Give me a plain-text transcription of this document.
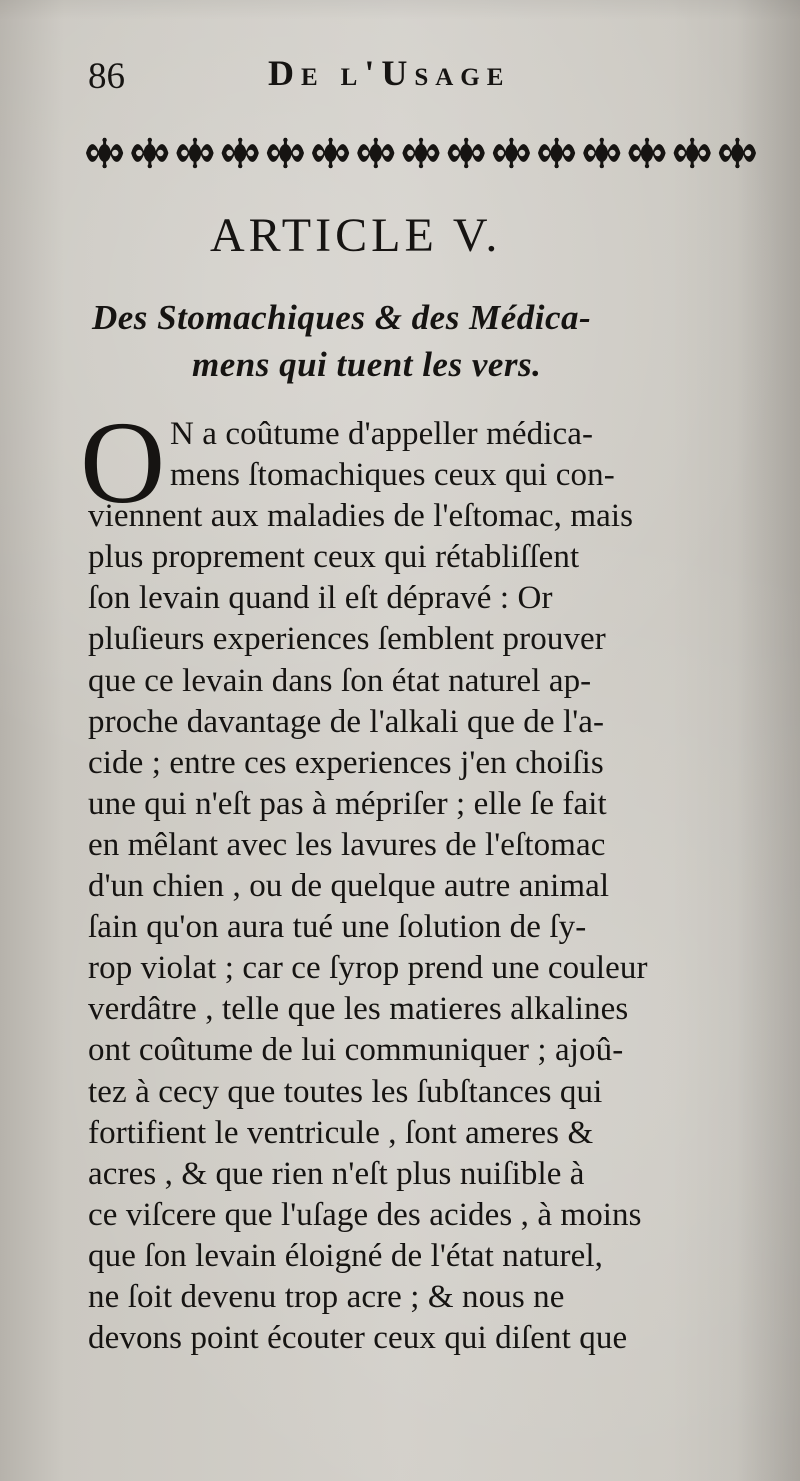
86	De l'Usage
ARTICLE V.
Des Stomachiques & des Médica-
mens qui tuent les vers.
O N a coûtume d'appeller médica-
mens ſtomachiques ceux qui con-
viennent aux maladies de l'eſtomac, mais
plus proprement ceux qui rétabliſſent
ſon levain quand il eſt dépravé : Or
pluſieurs experiences ſemblent prouver
que ce levain dans ſon état naturel ap-
proche davantage de l'alkali que de l'a-
cide ; entre ces experiences j'en choiſis
une qui n'eſt pas à mépriſer ; elle ſe fait
en mêlant avec les lavures de l'eſtomac
d'un chien , ou de quelque autre animal
ſain qu'on aura tué une ſolution de ſy-
rop violat ; car ce ſyrop prend une couleur
verdâtre , telle que les matieres alkalines
ont coûtume de lui communiquer ; ajoû-
tez à cecy que toutes les ſubſtances qui
fortifient le ventricule , ſont ameres &
acres , & que rien n'eſt plus nuiſible à
ce viſcere que l'uſage des acides , à moins
que ſon levain éloigné de l'état naturel,
ne ſoit devenu trop acre ; & nous ne
devons point écouter ceux qui diſent que
